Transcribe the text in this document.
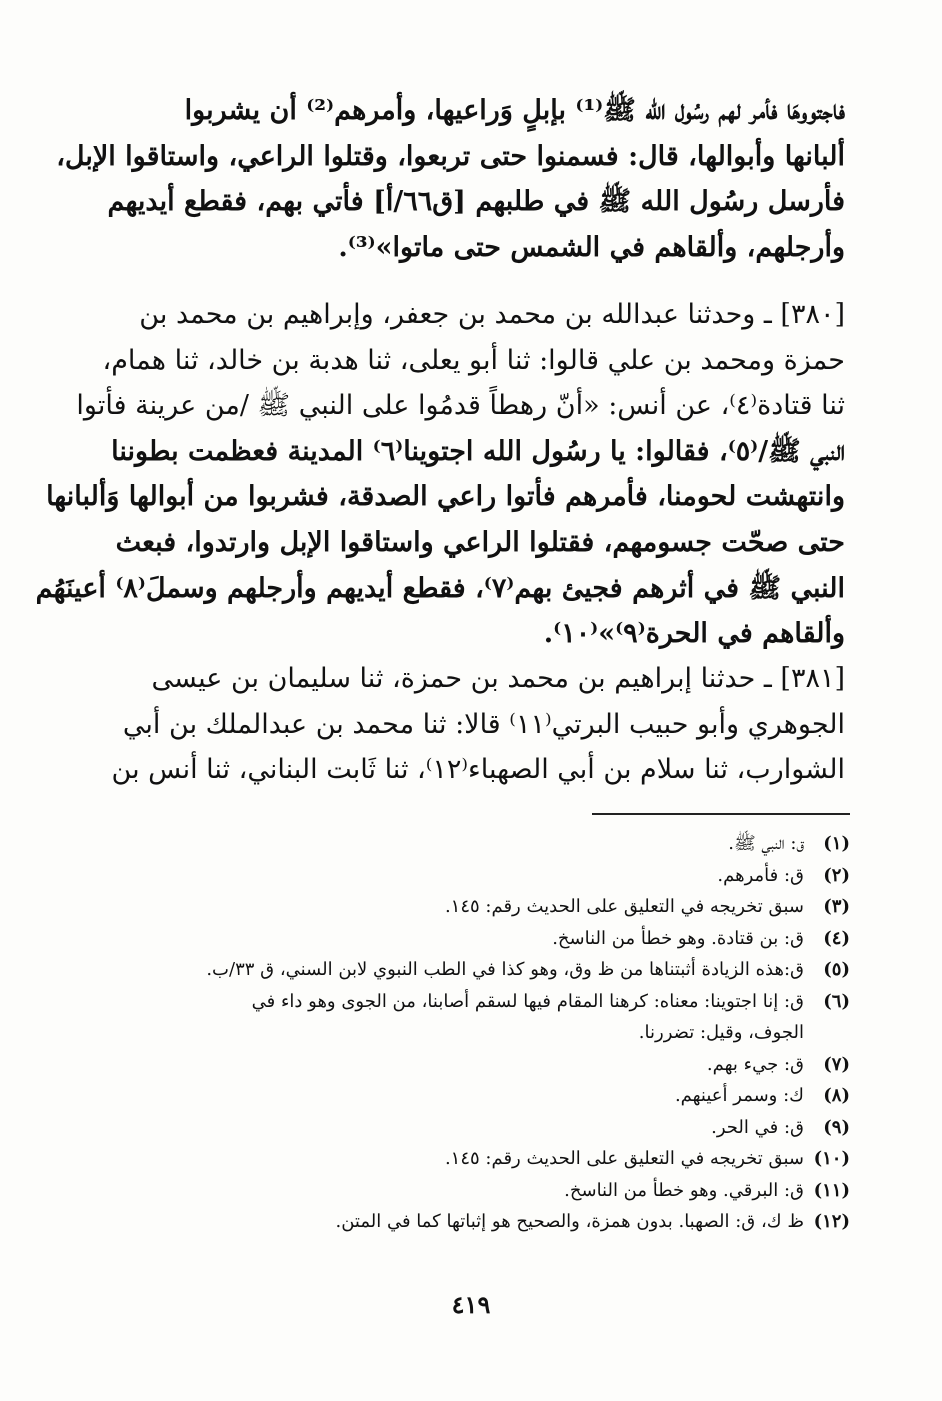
فاجتووهَا فأمر لهم رسُول الله ﷺ⁽¹⁾ بإبلٍ وَراعيها، وأمرهم⁽²⁾ أن يشربوا
ألبانها وأبوالها، قال: فسمنوا حتى تربعوا، وقتلوا الراعي، واستاقوا الإبل،
فأرسل رسُول الله ﷺ في طلبهم [ق٦٦/أ] فأتي بهم، فقطع أيديهم
وأرجلهم، وألقاهم في الشمس حتى ماتوا»⁽³⁾.
[٣٨٠] ـ وحدثنا عبدالله بن محمد بن جعفر، وإبراهيم بن محمد بن
حمزة ومحمد بن علي قالوا: ثنا أبو يعلى، ثنا هدبة بن خالد، ثنا همام،
ثنا قتادة⁽٤⁾، عن أنس: «أنّ رهطاً قدمُوا على النبي ﷺ /من عرينة فأتوا
النبي ﷺ/⁽٥⁾، فقالوا: يا رسُول الله اجتوينا⁽٦⁾ المدينة فعظمت بطوننا
وانتهشت لحومنا، فأمرهم فأتوا راعي الصدقة، فشربوا من أبوالها وَألبانها
حتى صحّت جسومهم، فقتلوا الراعي واستاقوا الإبل وارتدوا، فبعث
النبي ﷺ في أثرهم فجيئ بهم⁽٧⁾، فقطع أيديهم وأرجلهم وسملَ⁽٨⁾ أعينَهُم
وألقاهم في الحرة⁽٩⁾»⁽١٠⁾.
[٣٨١] ـ حدثنا إبراهيم بن محمد بن حمزة، ثنا سليمان بن عيسى
الجوهري وأبو حبيب البرتي⁽١١⁾ قالا: ثنا محمد بن عبدالملك بن أبي
الشوارب، ثنا سلام بن أبي الصهباء⁽١٢⁾، ثنا ثَابت البناني، ثنا أنس بن
(١)
ق: النبي ﷺ.
(٢)
ق: فأمرهم.
(٣)
سبق تخريجه في التعليق على الحديث رقم: ١٤٥.
(٤)
ق: بن قتادة. وهو خطأ من الناسخ.
(٥)
ق:هذه الزيادة أثبتناها من ظ وق، وهو كذا في الطب النبوي لابن السني، ق ٣٣/ب.
(٦)
ق: إنا اجتوينا: معناه: كرهنا المقام فيها لسقم أصابنا، من الجوى وهو داء في
الجوف، وقيل: تضررنا.
(٧)
ق: جيء بهم.
(٨)
ك: وسمر أعينهم.
(٩)
ق: في الحر.
(١٠)
سبق تخريجه في التعليق على الحديث رقم: ١٤٥.
(١١)
ق: البرقي. وهو خطأ من الناسخ.
(١٢)
ظ ك، ق: الصهبا. بدون همزة، والصحيح هو إثباتها كما في المتن.
٤١٩
